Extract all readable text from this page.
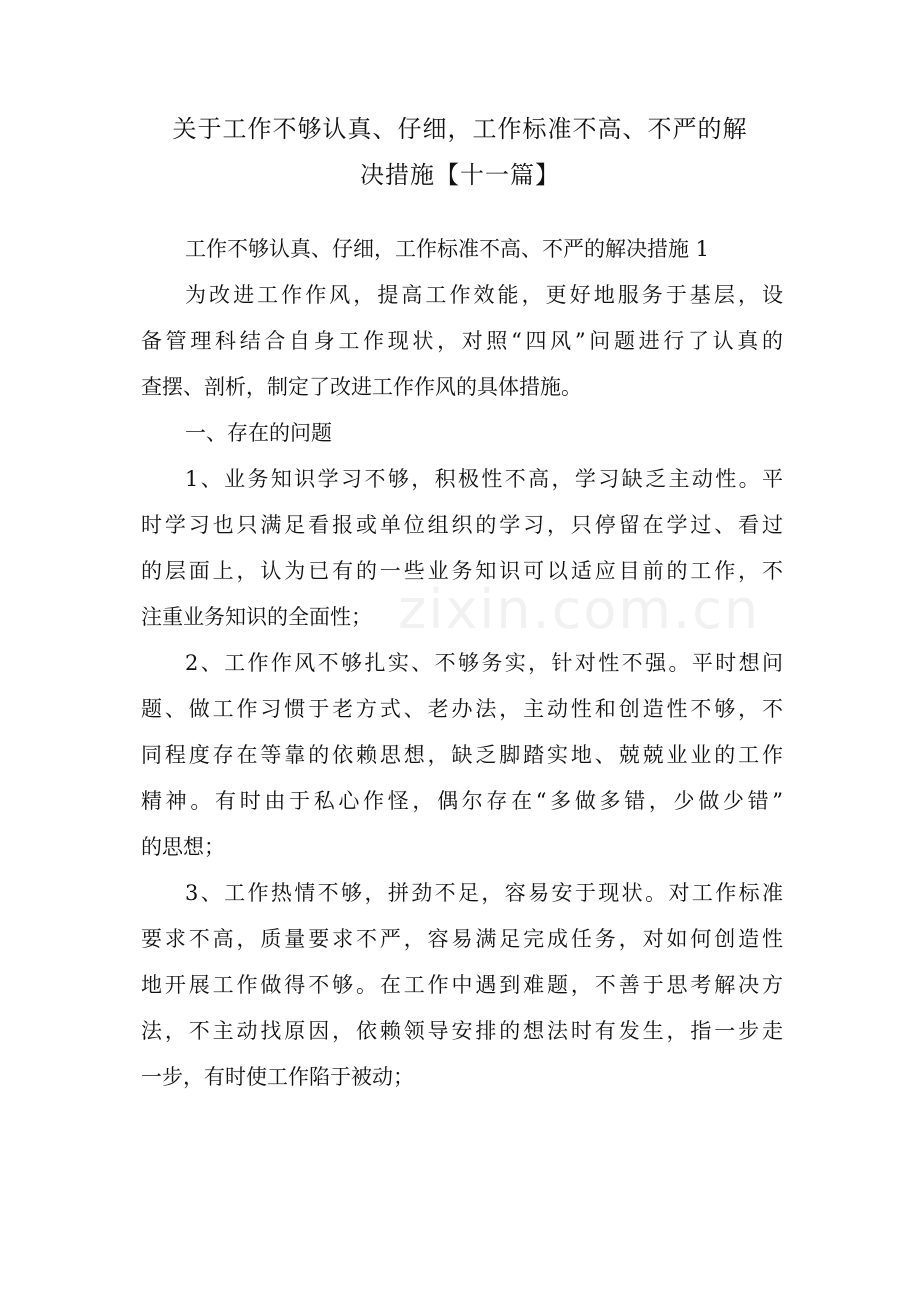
关于工作不够认真、仔细，工作标准不高、不严的解
决措施【十一篇】
工作不够认真、仔细，工作标准不高、不严的解决措施 1
为改进工作作风，提高工作效能，更好地服务于基层，设
备管理科结合自身工作现状，对照“四风”问题进行了认真的
查摆、剖析，制定了改进工作作风的具体措施。
一、存在的问题
1、业务知识学习不够，积极性不高，学习缺乏主动性。平
时学习也只满足看报或单位组织的学习，只停留在学过、看过
的层面上，认为已有的一些业务知识可以适应目前的工作，不
注重业务知识的全面性；
2、工作作风不够扎实、不够务实，针对性不强。平时想问
题、做工作习惯于老方式、老办法，主动性和创造性不够，不
同程度存在等靠的依赖思想，缺乏脚踏实地、兢兢业业的工作
精神。有时由于私心作怪，偶尔存在“多做多错，少做少错”
的思想；
3、工作热情不够，拼劲不足，容易安于现状。对工作标准
要求不高，质量要求不严，容易满足完成任务，对如何创造性
地开展工作做得不够。在工作中遇到难题，不善于思考解决方
法，不主动找原因，依赖领导安排的想法时有发生，指一步走
一步，有时使工作陷于被动；
zixin.com.cn
